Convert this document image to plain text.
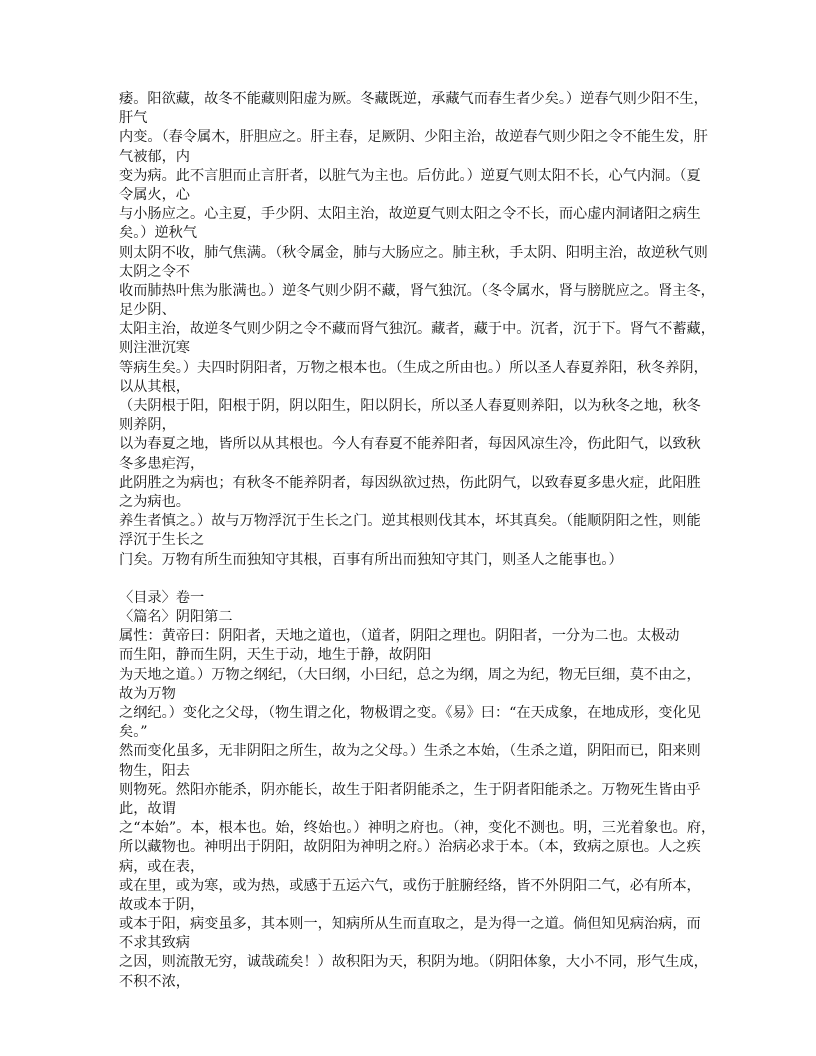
痿。阳欲藏，故冬不能藏则阳虚为厥。冬藏既逆，承藏气而春生者少矣。）逆春气则少阳不生，
肝气
内变。（春令属木，肝胆应之。肝主春，足厥阴、少阳主治，故逆春气则少阳之令不能生发，肝
气被郁，内
变为病。此不言胆而止言肝者，以脏气为主也。后仿此。）逆夏气则太阳不长，心气内洞。（夏
令属火，心
与小肠应之。心主夏，手少阴、太阳主治，故逆夏气则太阳之令不长，而心虚内洞诸阳之病生
矣。）逆秋气
则太阴不收，肺气焦满。（秋令属金，肺与大肠应之。肺主秋，手太阴、阳明主治，故逆秋气则
太阴之令不
收而肺热叶焦为胀满也。）逆冬气则少阴不藏，肾气独沉。（冬令属水，肾与膀胱应之。肾主冬，
足少阴、
太阳主治，故逆冬气则少阴之令不藏而肾气独沉。藏者，藏于中。沉者，沉于下。肾气不蓄藏，
则注泄沉寒
等病生矣。）夫四时阴阳者，万物之根本也。（生成之所由也。）所以圣人春夏养阳，秋冬养阴，
以从其根，
（夫阴根于阳，阳根于阴，阴以阳生，阳以阴长，所以圣人春夏则养阳，以为秋冬之地，秋冬
则养阴，
以为春夏之地，皆所以从其根也。今人有春夏不能养阳者，每因风凉生冷，伤此阳气，以致秋
冬多患疟泻，
此阴胜之为病也；有秋冬不能养阴者，每因纵欲过热，伤此阴气，以致春夏多患火症，此阳胜
之为病也。
养生者慎之。）故与万物浮沉于生长之门。逆其根则伐其本，坏其真矣。（能顺阴阳之性，则能
浮沉于生长之
门矣。万物有所生而独知守其根，百事有所出而独知守其门，则圣人之能事也。）
〈目录〉卷一
〈篇名〉阴阳第二
属性：黄帝曰：阴阳者，天地之道也，（道者，阴阳之理也。阴阳者，一分为二也。太极动
而生阳，静而生阴，天生于动，地生于静，故阴阳
为天地之道。）万物之纲纪，（大曰纲，小曰纪，总之为纲，周之为纪，物无巨细，莫不由之，
故为万物
之纲纪。）变化之父母，（物生谓之化，物极谓之变。《易》曰：“在天成象，在地成形，变化见
矣。”
然而变化虽多，无非阴阳之所生，故为之父母。）生杀之本始，（生杀之道，阴阳而已，阳来则
物生，阳去
则物死。然阳亦能杀，阴亦能长，故生于阳者阴能杀之，生于阴者阳能杀之。万物死生皆由乎
此，故谓
之“本始”。本，根本也。始，终始也。）神明之府也。（神，变化不测也。明，三光着象也。府，
所以藏物也。神明出于阴阳，故阴阳为神明之府。）治病必求于本。（本，致病之原也。人之疾
病，或在表，
或在里，或为寒，或为热，或感于五运六气，或伤于脏腑经络，皆不外阴阳二气，必有所本，
故或本于阴，
或本于阳，病变虽多，其本则一，知病所从生而直取之，是为得一之道。倘但知见病治病，而
不求其致病
之因，则流散无穷，诚哉疏矣！）故积阳为天，积阴为地。（阴阳体象，大小不同，形气生成，
不积不浓，
